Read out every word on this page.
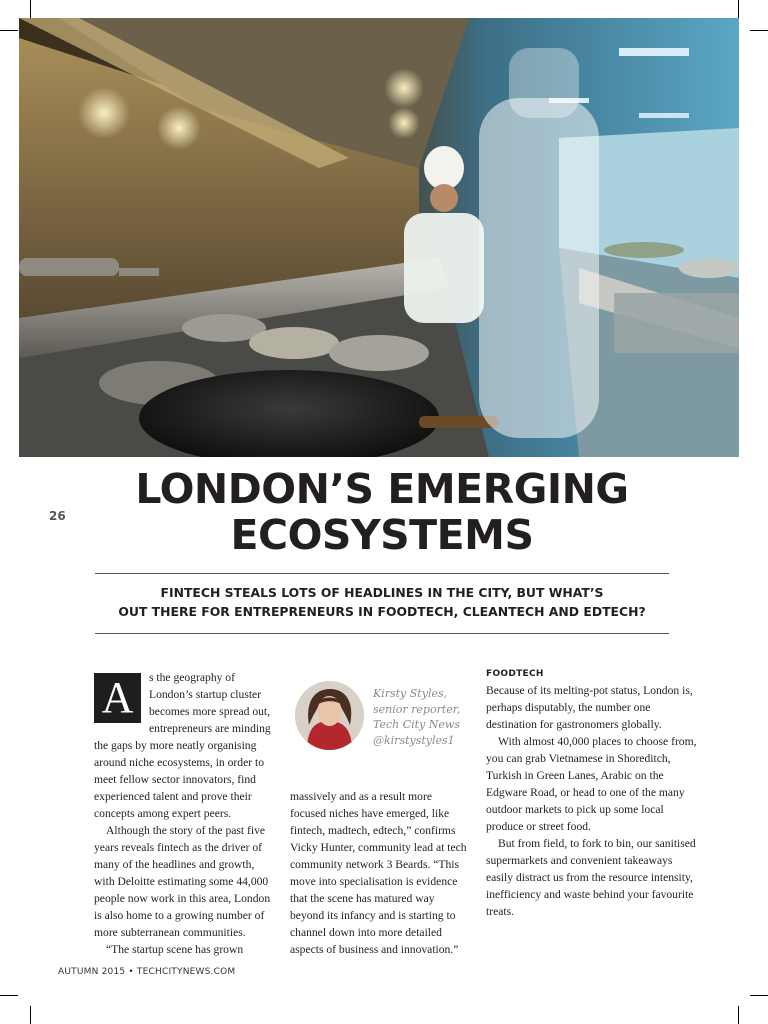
26
LONDON’S EMERGING
ECOSYSTEMS

FINTECH STEALS LOTS OF HEADLINES IN THE CITY, BUT WHAT’S
OUT THERE FOR ENTREPRENEURS IN FOODTECH, CLEANTECH AND EDTECH?

A	s the geography of London’s startup cluster becomes more spread out, entrepreneurs are minding the gaps by more neatly organising around niche ecosystems, in order to meet fellow sector innovators, find experienced talent and prove their concepts among expert peers.

Although the story of the past five years reveals fintech as the driver of many of the headlines and growth, with Deloitte estimating some 44,000 people now work in this area, London is also home to a growing number of more subterranean communities.

“The startup scene has grown

Kirsty Styles,
senior reporter,
Tech City News
@kirstystyles1

massively and as a result more focused niches have emerged, like fintech, madtech, edtech,” confirms Vicky Hunter, community lead at tech community network 3 Beards. “This move into specialisation is evidence that the scene has matured way beyond its infancy and is starting to channel down into more detailed aspects of business and innovation.”

FOODTECH

Because of its melting-pot status, London is, perhaps disputably, the number one destination for gastronomers globally.

With almost 40,000 places to choose from, you can grab Vietnamese in Shoreditch, Turkish in Green Lanes, Arabic on the Edgware Road, or head to one of the many outdoor markets to pick up some local produce or street food.

But from field, to fork to bin, our sanitised supermarkets and convenient takeaways easily distract us from the resource intensity, inefficiency and waste behind your favourite treats.

AUTUMN 2015 • TECHCITYNEWS.COM
